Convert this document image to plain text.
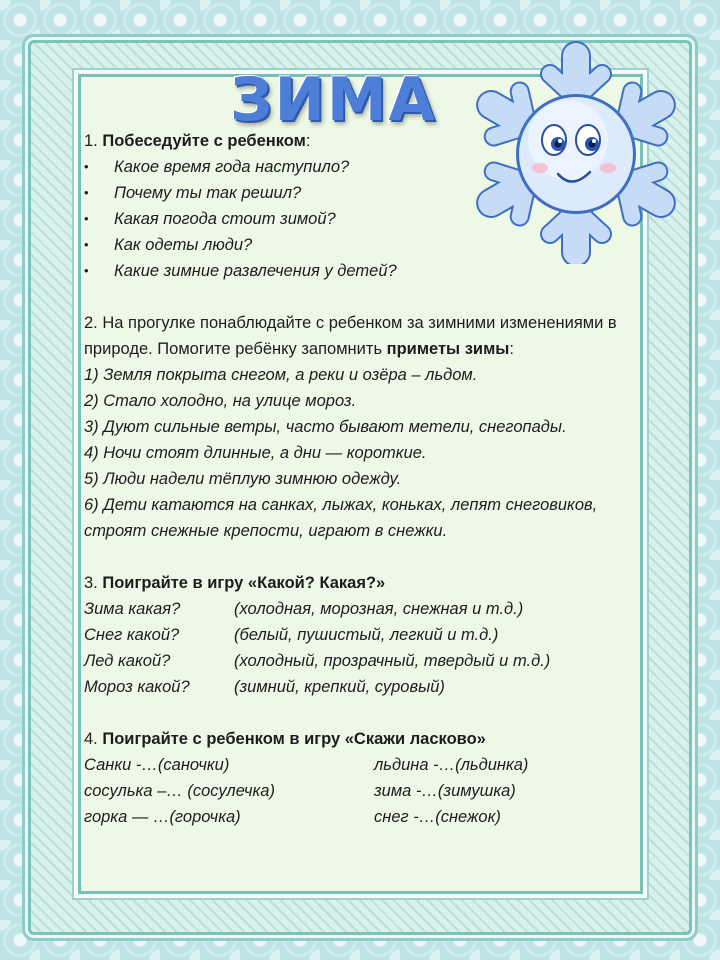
ЗИМА

1. Побеседуйте с ребенком:

•	Какое время года наступило?
•	Почему ты так решил?
•	Какая погода стоит зимой?
•	Как одеты люди?
•	Какие зимние развлечения у детей?

2. На прогулке понаблюдайте с ребенком за зимними изменениями в природе. Помогите ребёнку запомнить приметы зимы:

1) Земля покрыта снегом, а реки и озёра – льдом.

2) Стало холодно, на улице мороз.

3) Дуют сильные ветры, часто бывают метели, снегопады.

4) Ночи стоят длинные, а дни — короткие.

5) Люди надели тёплую зимнюю одежду.

6) Дети катаются на санках, лыжах, коньках, лепят снеговиков, строят снежные крепости, играют в снежки.

3. Поиграйте в игру «Какой? Какая?»

Зима какая?	(холодная, морозная, снежная и т.д.)
Снег какой?	(белый, пушистый, легкий и т.д.)
Лед какой?	(холодный, прозрачный, твердый и т.д.)
Мороз какой?	(зимний, крепкий, суровый)

4. Поиграйте с ребенком в игру «Скажи ласково»

Санки -…(саночки)	льдина -…(льдинка)
сосулька –… (сосулечка)	зима -…(зимушка)
горка — …(горочка)	снег -…(снежок)
